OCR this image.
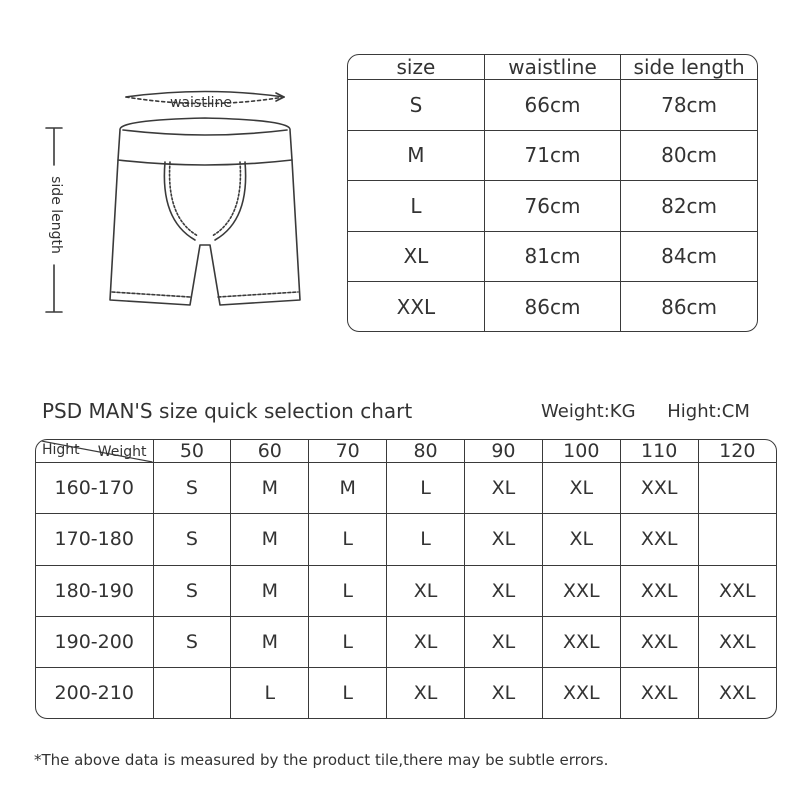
waistline
side length
size	waistline	side length
S	66cm	78cm
M	71cm	80cm
L	76cm	82cm
XL	81cm	84cm
XXL	86cm	86cm
PSD MAN'S size quick selection chart	Weight:KG Hight:CM
Weight
Hight	50	60	70	80	90	100	110	120
160-170	S	M	M	L	XL	XL	XXL	
170-180	S	M	L	L	XL	XL	XXL	
180-190	S	M	L	XL	XL	XXL	XXL	XXL
190-200	S	M	L	XL	XL	XXL	XXL	XXL
200-210		L	L	XL	XL	XXL	XXL	XXL
*The above data is measured by the product tile,there may be subtle errors.
